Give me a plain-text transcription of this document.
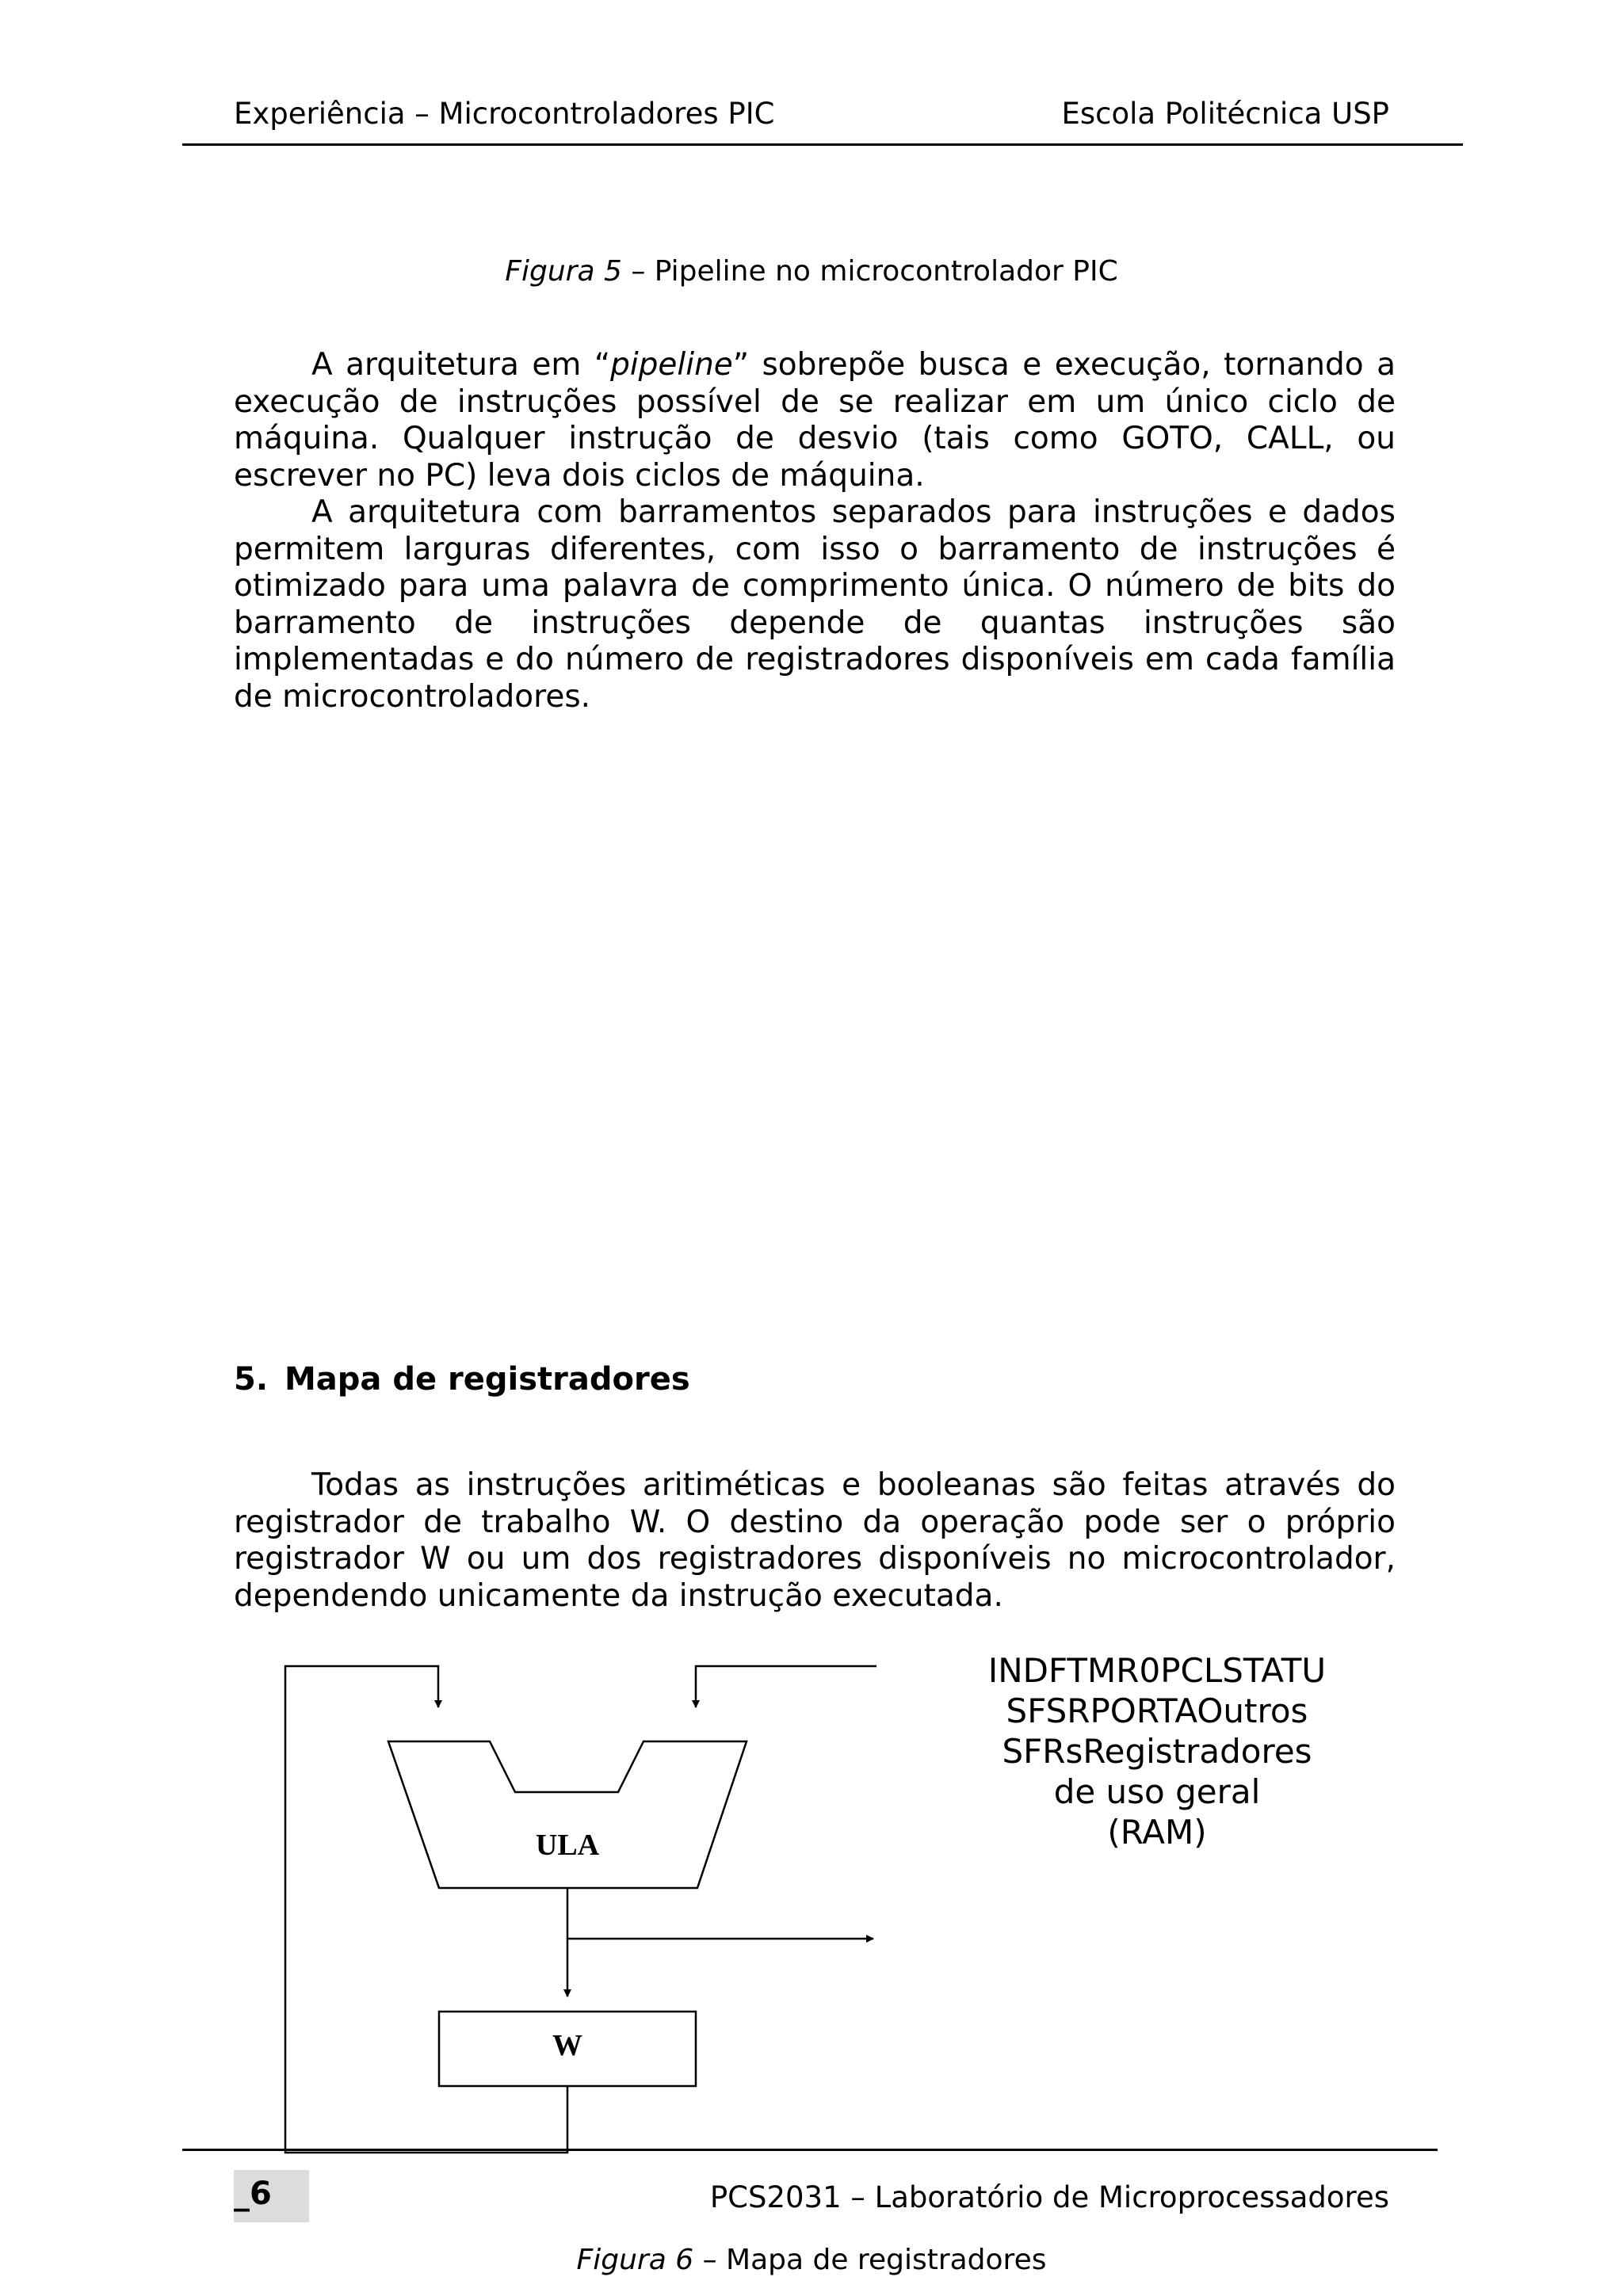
Experiência – Microcontroladores PIC	Escola Politécnica USP
Figura 5 – Pipeline no microcontrolador PIC

A arquitetura em “pipeline” sobrepõe busca e execução, tornando a execução de instruções possível de se realizar em um único ciclo de máquina. Qualquer instrução de desvio (tais como GOTO, CALL, ou escrever no PC) leva dois ciclos de máquina.

A arquitetura com barramentos separados para instruções e dados permitem larguras diferentes, com isso o barramento de instruções é otimizado para uma palavra de comprimento única. O número de bits do barramento de instruções depende de quantas instruções são implementadas e do número de registradores disponíveis em cada família de microcontroladores.

5. Mapa de registradores

Todas as instruções aritiméticas e booleanas são feitas através do registrador de trabalho W. O destino da operação pode ser o próprio registrador W ou um dos registradores disponíveis no microcontrolador, dependendo unicamente da instrução executada.

ULA
W
INDFTMR0PCLSTATU
SFSRPORTAOutros
SFRsRegistradores
de uso geral
(RAM)
_6	PCS2031 – Laboratório de Microprocessadores
Figura 6 – Mapa de registradores
